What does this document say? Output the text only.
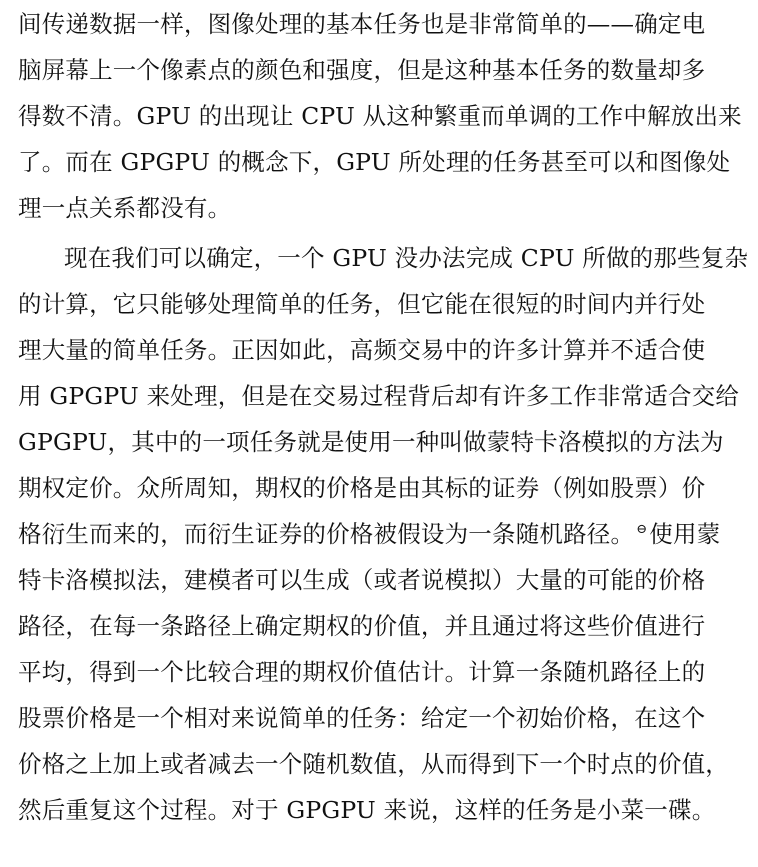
间传递数据一样，图像处理的基本任务也是非常简单的——确定电
脑屏幕上一个像素点的颜色和强度，但是这种基本任务的数量却多
得数不清。GPU 的出现让 CPU 从这种繁重而单调的工作中解放出来
了。而在 GPGPU 的概念下，GPU 所处理的任务甚至可以和图像处
理一点关系都没有。
现在我们可以确定，一个 GPU 没办法完成 CPU 所做的那些复杂
的计算，它只能够处理简单的任务，但它能在很短的时间内并行处
理大量的简单任务。正因如此，高频交易中的许多计算并不适合使
用 GPGPU 来处理，但是在交易过程背后却有许多工作非常适合交给
GPGPU，其中的一项任务就是使用一种叫做蒙特卡洛模拟的方法为
期权定价。众所周知，期权的价格是由其标的证券（例如股票）价
格衍生而来的，而衍生证券的价格被假设为一条随机路径。 ⊖使用蒙
特卡洛模拟法，建模者可以生成（或者说模拟）大量的可能的价格
路径，在每一条路径上确定期权的价值，并且通过将这些价值进行
平均，得到一个比较合理的期权价值估计。计算一条随机路径上的
股票价格是一个相对来说简单的任务：给定一个初始价格，在这个
价格之上加上或者减去一个随机数值，从而得到下一个时点的价值，
然后重复这个过程。对于 GPGPU 来说，这样的任务是小菜一碟。
